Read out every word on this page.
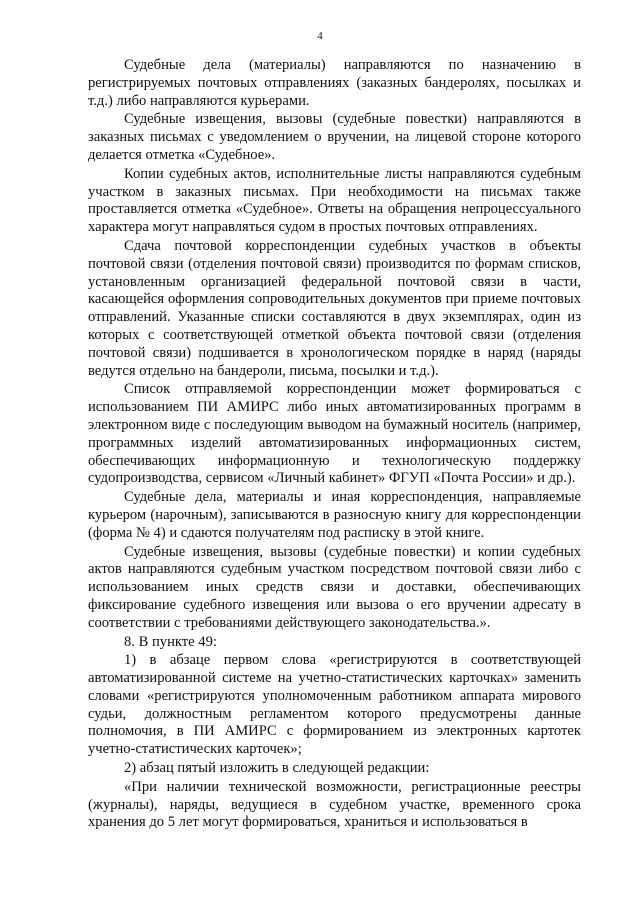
4

Судебные дела (материалы) направляются по назначению в регистрируемых почтовых отправлениях (заказных бандеролях, посылках и т.д.) либо направляются курьерами.

Судебные извещения, вызовы (судебные повестки) направляются в заказных письмах с уведомлением о вручении, на лицевой стороне которого делается отметка «Судебное».

Копии судебных актов, исполнительные листы направляются судебным участком в заказных письмах. При необходимости на письмах также проставляется отметка «Судебное». Ответы на обращения непроцессуального характера могут направляться судом в простых почтовых отправлениях.

Сдача почтовой корреспонденции судебных участков в объекты почтовой связи (отделения почтовой связи) производится по формам списков, установленным организацией федеральной почтовой связи в части, касающейся оформления сопроводительных документов при приеме почтовых отправлений. Указанные списки составляются в двух экземплярах, один из которых с соответствующей отметкой объекта почтовой связи (отделения почтовой связи) подшивается в хронологическом порядке в наряд (наряды ведутся отдельно на бандероли, письма, посылки и т.д.).

Список отправляемой корреспонденции может формироваться с использованием ПИ АМИРС либо иных автоматизированных программ в электронном виде с последующим выводом на бумажный носитель (например, программных изделий автоматизированных информационных систем, обеспечивающих информационную и технологическую поддержку судопроизводства, сервисом «Личный кабинет» ФГУП «Почта России» и др.).

Судебные дела, материалы и иная корреспонденция, направляемые курьером (нарочным), записываются в разносную книгу для корреспонденции (форма № 4) и сдаются получателям под расписку в этой книге.

Судебные извещения, вызовы (судебные повестки) и копии судебных актов направляются судебным участком посредством почтовой связи либо с использованием иных средств связи и доставки, обеспечивающих фиксирование судебного извещения или вызова о его вручении адресату в соответствии с требованиями действующего законодательства.».

8. В пункте 49:

1) в абзаце первом слова «регистрируются в соответствующей автоматизированной системе на учетно-статистических карточках» заменить словами «регистрируются уполномоченным работником аппарата мирового судьи, должностным регламентом которого предусмотрены данные полномочия, в ПИ АМИРС с формированием из электронных картотек учетно-статистических карточек»;

2) абзац пятый изложить в следующей редакции:

«При наличии технической возможности, регистрационные реестры (журналы), наряды, ведущиеся в судебном участке, временного срока хранения до 5 лет могут формироваться, храниться и использоваться в
